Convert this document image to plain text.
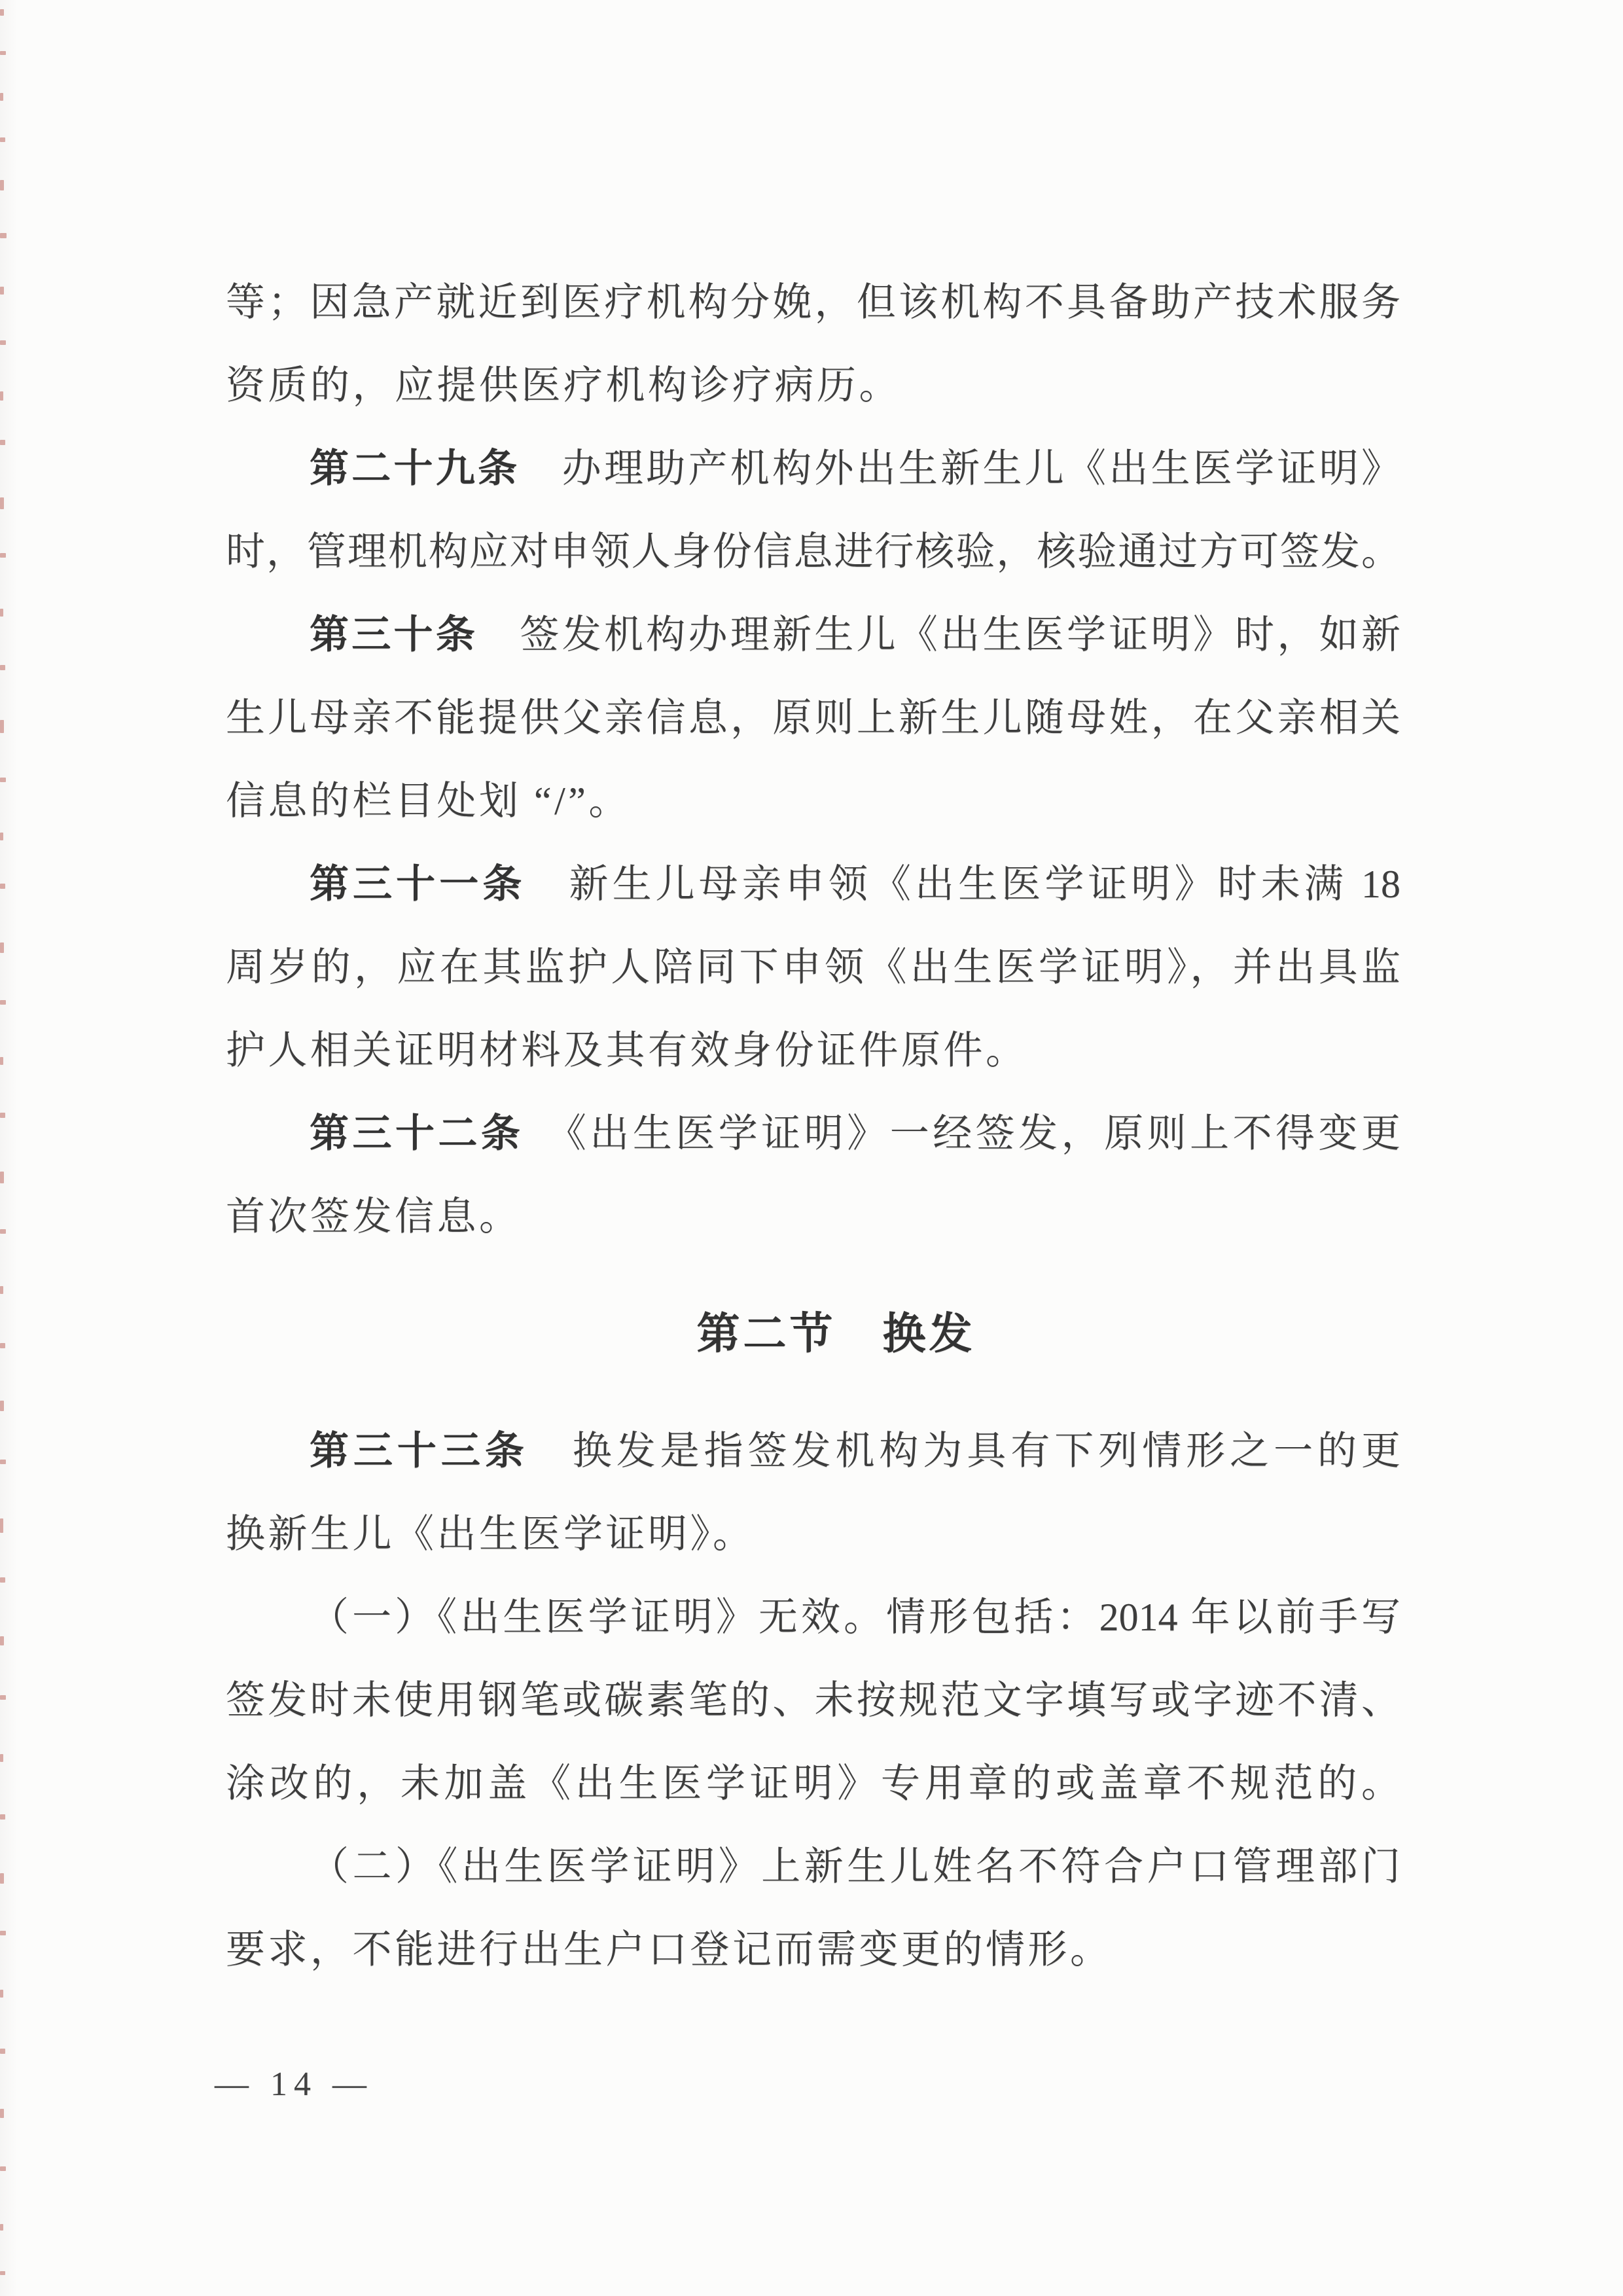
等；因急产就近到医疗机构分娩，但该机构不具备助产技术服务
资质的，应提供医疗机构诊疗病历。
第二十九条　办理助产机构外出生新生儿《出生医学证明》
时，管理机构应对申领人身份信息进行核验，核验通过方可签发。
第三十条　签发机构办理新生儿《出生医学证明》时，如新
生儿母亲不能提供父亲信息，原则上新生儿随母姓，在父亲相关
信息的栏目处划 “/”。
第三十一条　新生儿母亲申领《出生医学证明》时未满 18
周岁的，应在其监护人陪同下申领《出生医学证明》，并出具监
护人相关证明材料及其有效身份证件原件。
第三十二条　《出生医学证明》一经签发，原则上不得变更
首次签发信息。
第二节　换发
第三十三条　换发是指签发机构为具有下列情形之一的更
换新生儿《出生医学证明》。
（一）《出生医学证明》无效。情形包括：2014 年以前手写
签发时未使用钢笔或碳素笔的、未按规范文字填写或字迹不清、
涂改的，未加盖《出生医学证明》专用章的或盖章不规范的。
（二）《出生医学证明》上新生儿姓名不符合户口管理部门
要求，不能进行出生户口登记而需变更的情形。
— 14 —
